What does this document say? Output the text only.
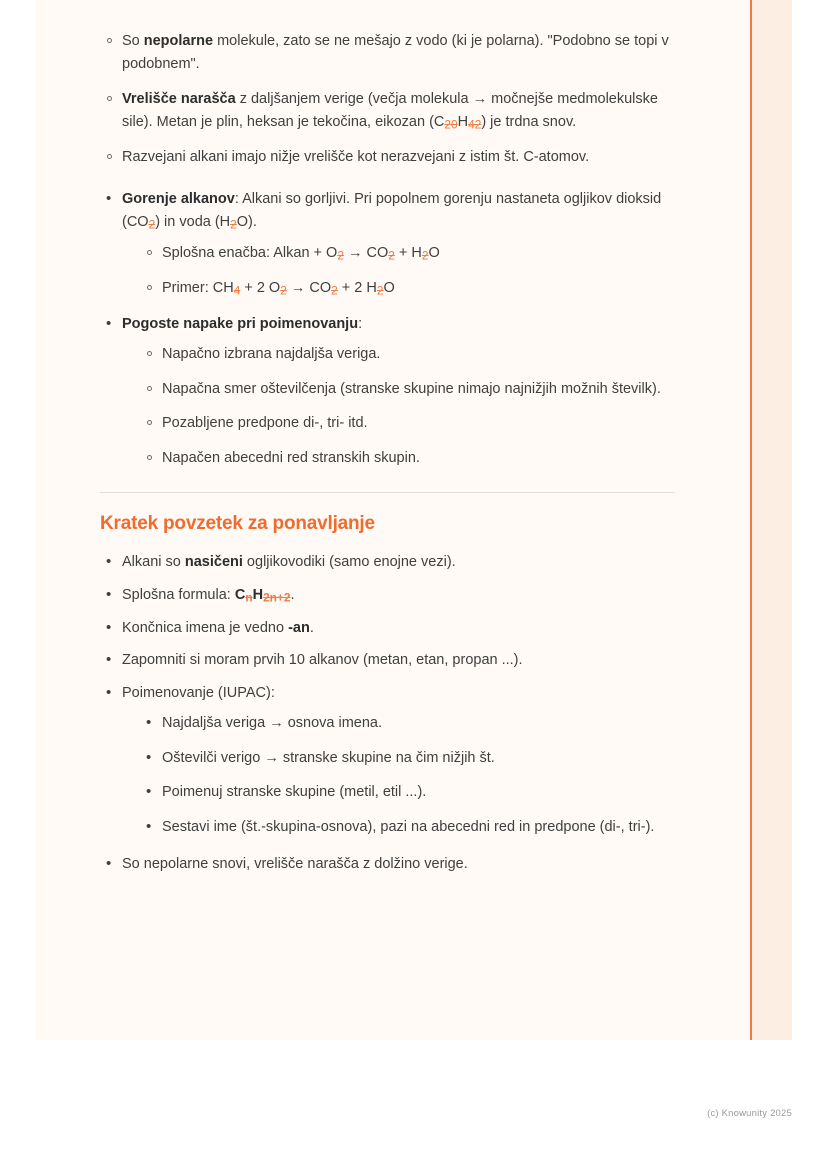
So nepolarne molekule, zato se ne mešajo z vodo (ki je polarna). "Podobno se topi v podobnem".
Vrelišče narašča z daljšanjem verige (večja molekula → močnejše medmolekulske sile). Metan je plin, heksan je tekočina, eikozan $(C_{20}H_{42})$ je trdna snov.
Razvejani alkani imajo nižje vrelišče kot nerazvejani z istim št. C-atomov.
• Gorenje alkanov: Alkani so gorljivi. Pri popolnem gorenju nastaneta ogljikov dioksid $(CO_2)$ in voda $(H_2O)$.
Splošna enačba: Alkan + $O_2 \to CO_2 + H_2O$
Primer: $CH_4 + 2$ $O_2 \to CO_2 + 2$ $H_2O$
• Pogoste napake pri poimenovanju:
Napačno izbrana najdaljša veriga.
Napačna smer oštevilčenja (stranske skupine nimajo najnižjih možnih številk).
Pozabljene predpone di-, tri- itd.
Napačen abecedni red stranskih skupin.
Kratek povzetek za ponavljanje
• Alkani so nasičeni ogljikovodiki (samo enojne vezi).
• Splošna formula: $C_nH_{2n+2}$.
• Končnica imena je vedno -an.
• Zapomniti si moram prvih 10 alkanov (metan, etan, propan ...).
• Poimenovanje (IUPAC):
• Najdaljša veriga → osnova imena.
• Oštevilči verigo → stranske skupine na čim nižjih št.
• Poimenuj stranske skupine (metil, etil ...).
• Sestavi ime (št.-skupina-osnova), pazi na abecedni red in predpone (di-, tri-).
• So nepolarne snovi, vrelišče narašča z dolžino verige.
(c) Knowunity 2025
